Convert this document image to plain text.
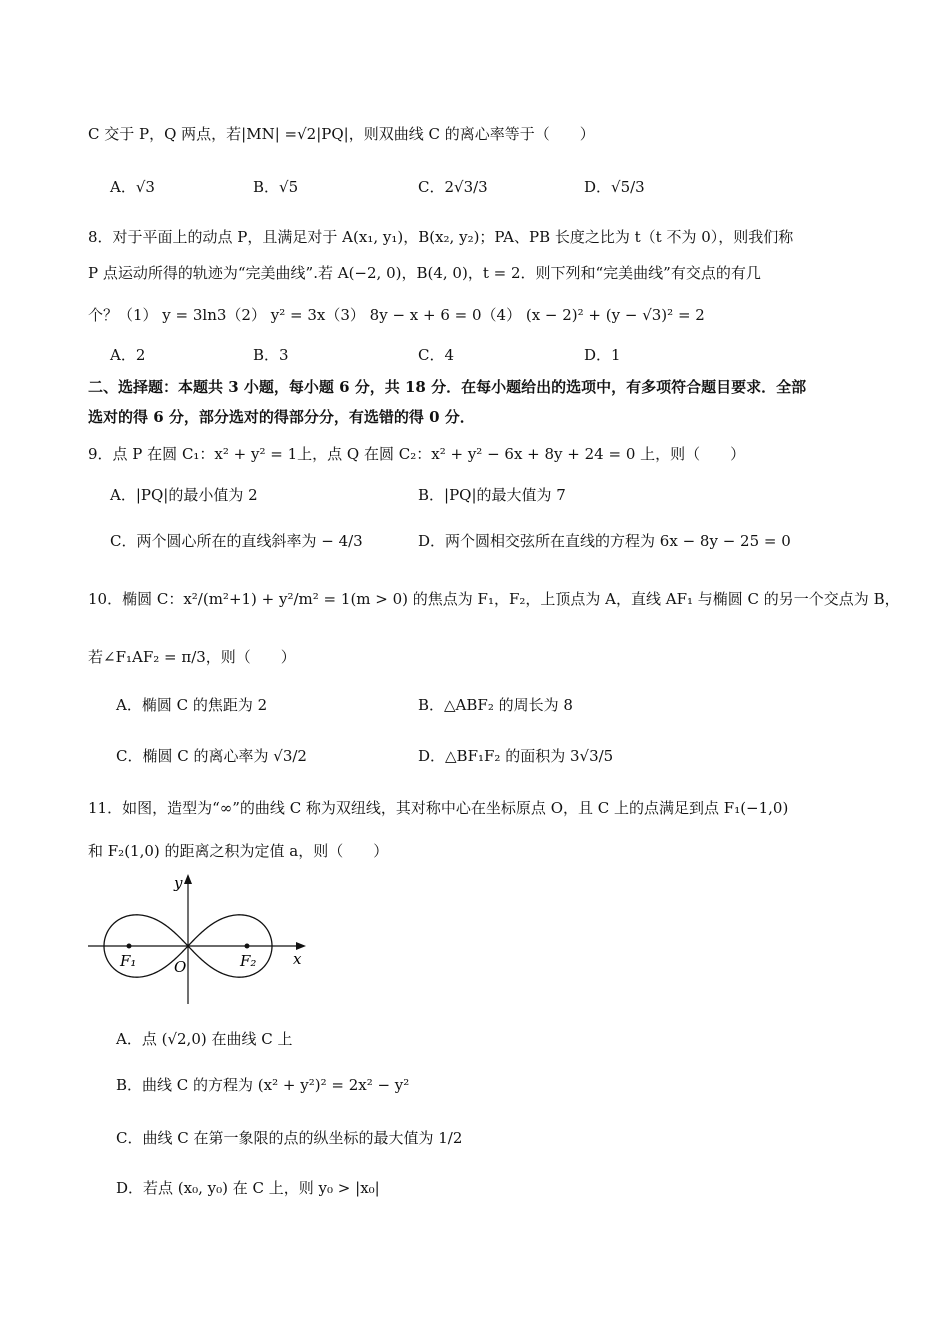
C 交于 P，Q 两点，若|MN| =√2|PQ|，则双曲线 C 的离心率等于（　　）
A．√3	B．√5	C．2√3/3	D．√5/3
8．对于平面上的动点 P，且满足对于 A(x₁, y₁)，B(x₂, y₂)；PA、PB 长度之比为 t（t 不为 0），则我们称
P 点运动所得的轨迹为“完美曲线”.若 A(−2, 0)，B(4, 0)，t = 2．则下列和“完美曲线”有交点的有几
个？（1） y = 3ln3（2） y² = 3x（3） 8y − x + 6 = 0（4） (x − 2)² + (y − √3)² = 2
A．2	B．3	C．4	D．1
二、选择题：本题共 3 小题，每小题 6 分，共 18 分．在每小题给出的选项中，有多项符合题目要求．全部
选对的得 6 分，部分选对的得部分分，有选错的得 0 分．
9．点 P 在圆 C₁：x² + y² = 1上，点 Q 在圆 C₂：x² + y² − 6x + 8y + 24 = 0 上，则（　　）
A．|PQ|的最小值为 2	B．|PQ|的最大值为 7
C．两个圆心所在的直线斜率为 − 4/3	D．两个圆相交弦所在直线的方程为 6x − 8y − 25 = 0
10．椭圆 C：x²/(m²+1) + y²/m² = 1(m > 0) 的焦点为 F₁，F₂，上顶点为 A，直线 AF₁ 与椭圆 C 的另一个交点为 B，
若∠F₁AF₂ = π/3，则（　　）
A．椭圆 C 的焦距为 2	B．△ABF₂ 的周长为 8
C．椭圆 C 的离心率为 √3/2	D．△BF₁F₂ 的面积为 3√3/5
11．如图，造型为“∞”的曲线 C 称为双纽线，其对称中心在坐标原点 O，且 C 上的点满足到点 F₁(−1,0)
和 F₂(1,0) 的距离之积为定值 a，则（　　）
y
x
O
F₁	F₂
A．点 (√2,0) 在曲线 C 上
B．曲线 C 的方程为 (x² + y²)² = 2x² − y²
C．曲线 C 在第一象限的点的纵坐标的最大值为 1/2
D．若点 (x₀, y₀) 在 C 上，则 y₀ > |x₀|
